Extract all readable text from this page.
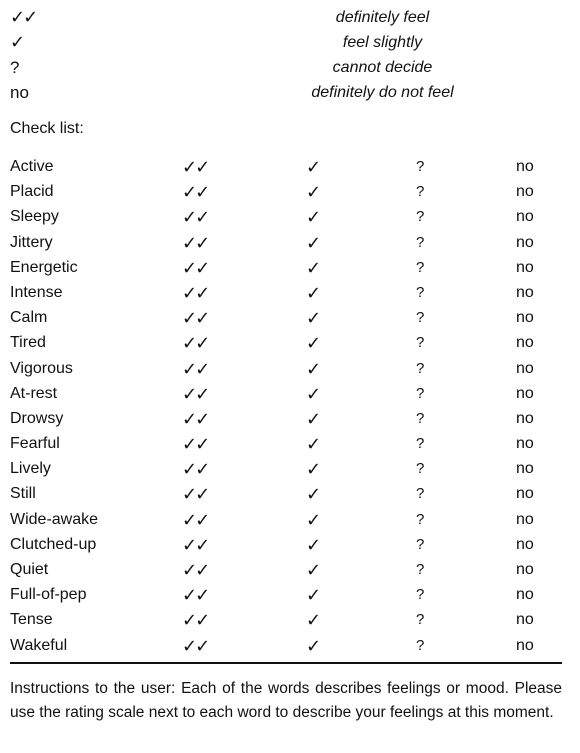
✓✓	definitely feel
✓	feel slightly
?	cannot decide
no	definitely do not feel
Check list:
Active	✓✓	✓	?	no
Placid	✓✓	✓	?	no
Sleepy	✓✓	✓	?	no
Jittery	✓✓	✓	?	no
Energetic	✓✓	✓	?	no
Intense	✓✓	✓	?	no
Calm	✓✓	✓	?	no
Tired	✓✓	✓	?	no
Vigorous	✓✓	✓	?	no
At-rest	✓✓	✓	?	no
Drowsy	✓✓	✓	?	no
Fearful	✓✓	✓	?	no
Lively	✓✓	✓	?	no
Still	✓✓	✓	?	no
Wide-awake	✓✓	✓	?	no
Clutched-up	✓✓	✓	?	no
Quiet	✓✓	✓	?	no
Full-of-pep	✓✓	✓	?	no
Tense	✓✓	✓	?	no
Wakeful	✓✓	✓	?	no
Instructions to the user: Each of the words describes feelings or mood. Please use the rating scale next to each word to describe your feelings at this moment.
